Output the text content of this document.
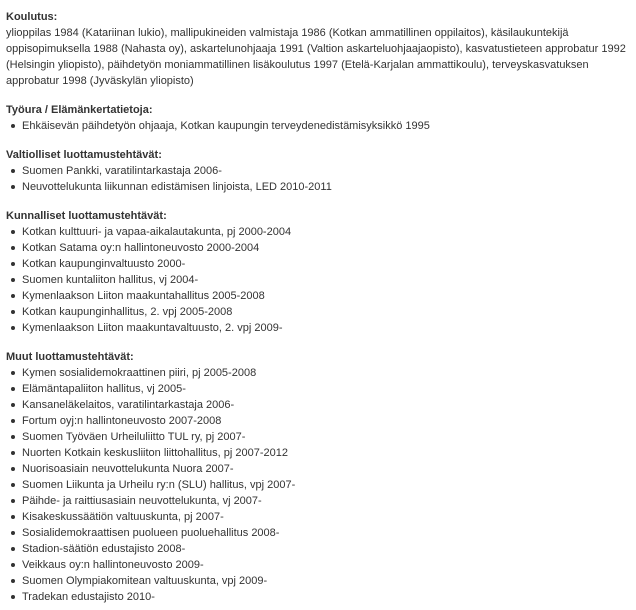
Koulutus:

ylioppilas 1984 (Katariinan lukio), mallipukineiden valmistaja 1986 (Kotkan ammatillinen oppilaitos), käsilaukuntekijä oppisopimuksella 1988 (Nahasta oy), askartelunohjaaja 1991 (Valtion askarteluohjaajaopisto), kasvatustieteen approbatur 1992 (Helsingin yliopisto), päihdetyön moniammatillinen lisäkoulutus 1997 (Etelä-Karjalan ammattikoulu), terveyskasvatuksen approbatur 1998 (Jyväskylän yliopisto)

Työura / Elämänkertatietoja:

Ehkäisevän päihdetyön ohjaaja, Kotkan kaupungin terveydenedistämisyksikkö 1995

Valtiolliset luottamustehtävät:

Suomen Pankki, varatilintarkastaja 2006-
Neuvottelukunta liikunnan edistämisen linjoista, LED 2010-2011

Kunnalliset luottamustehtävät:

Kotkan kulttuuri- ja vapaa-aikalautakunta, pj 2000-2004
Kotkan Satama oy:n hallintoneuvosto 2000-2004
Kotkan kaupunginvaltuusto 2000-
Suomen kuntaliiton hallitus, vj 2004-
Kymenlaakson Liiton maakuntahallitus 2005-2008
Kotkan kaupunginhallitus, 2. vpj 2005-2008
Kymenlaakson Liiton maakuntavaltuusto, 2. vpj 2009-

Muut luottamustehtävät:

Kymen sosialidemokraattinen piiri, pj 2005-2008
Elämäntapaliiton hallitus, vj 2005-
Kansaneläkelaitos, varatilintarkastaja 2006-
Fortum oyj:n hallintoneuvosto 2007-2008
Suomen Työväen Urheiluliitto TUL ry, pj 2007-
Nuorten Kotkain keskusliiton liittohallitus, pj 2007-2012
Nuorisoasiain neuvottelukunta Nuora 2007-
Suomen Liikunta ja Urheilu ry:n (SLU) hallitus, vpj 2007-
Päihde- ja raittiusasiain neuvottelukunta, vj 2007-
Kisakeskussäätiön valtuuskunta, pj 2007-
Sosialidemokraattisen puolueen puoluehallitus 2008-
Stadion-säätiön edustajisto 2008-
Veikkaus oy:n hallintoneuvosto 2009-
Suomen Olympiakomitean valtuuskunta, vpj 2009-
Tradekan edustajisto 2010-
